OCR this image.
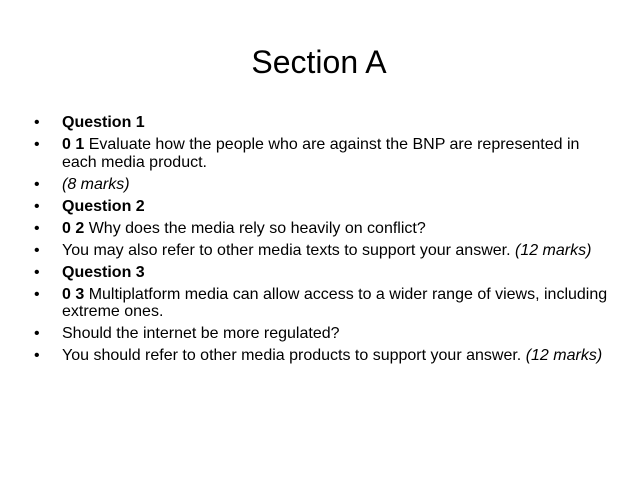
Section A
•	Question 1
•	0 1 Evaluate how the people who are against the BNP are represented in each media product.
•	(8 marks)
•	Question 2
•	0 2 Why does the media rely so heavily on conflict?
•	You may also refer to other media texts to support your answer. (12 marks)
•	Question 3
•	0 3 Multiplatform media can allow access to a wider range of views, including extreme ones.
•	Should the internet be more regulated?
•	You should refer to other media products to support your answer. (12 marks)
